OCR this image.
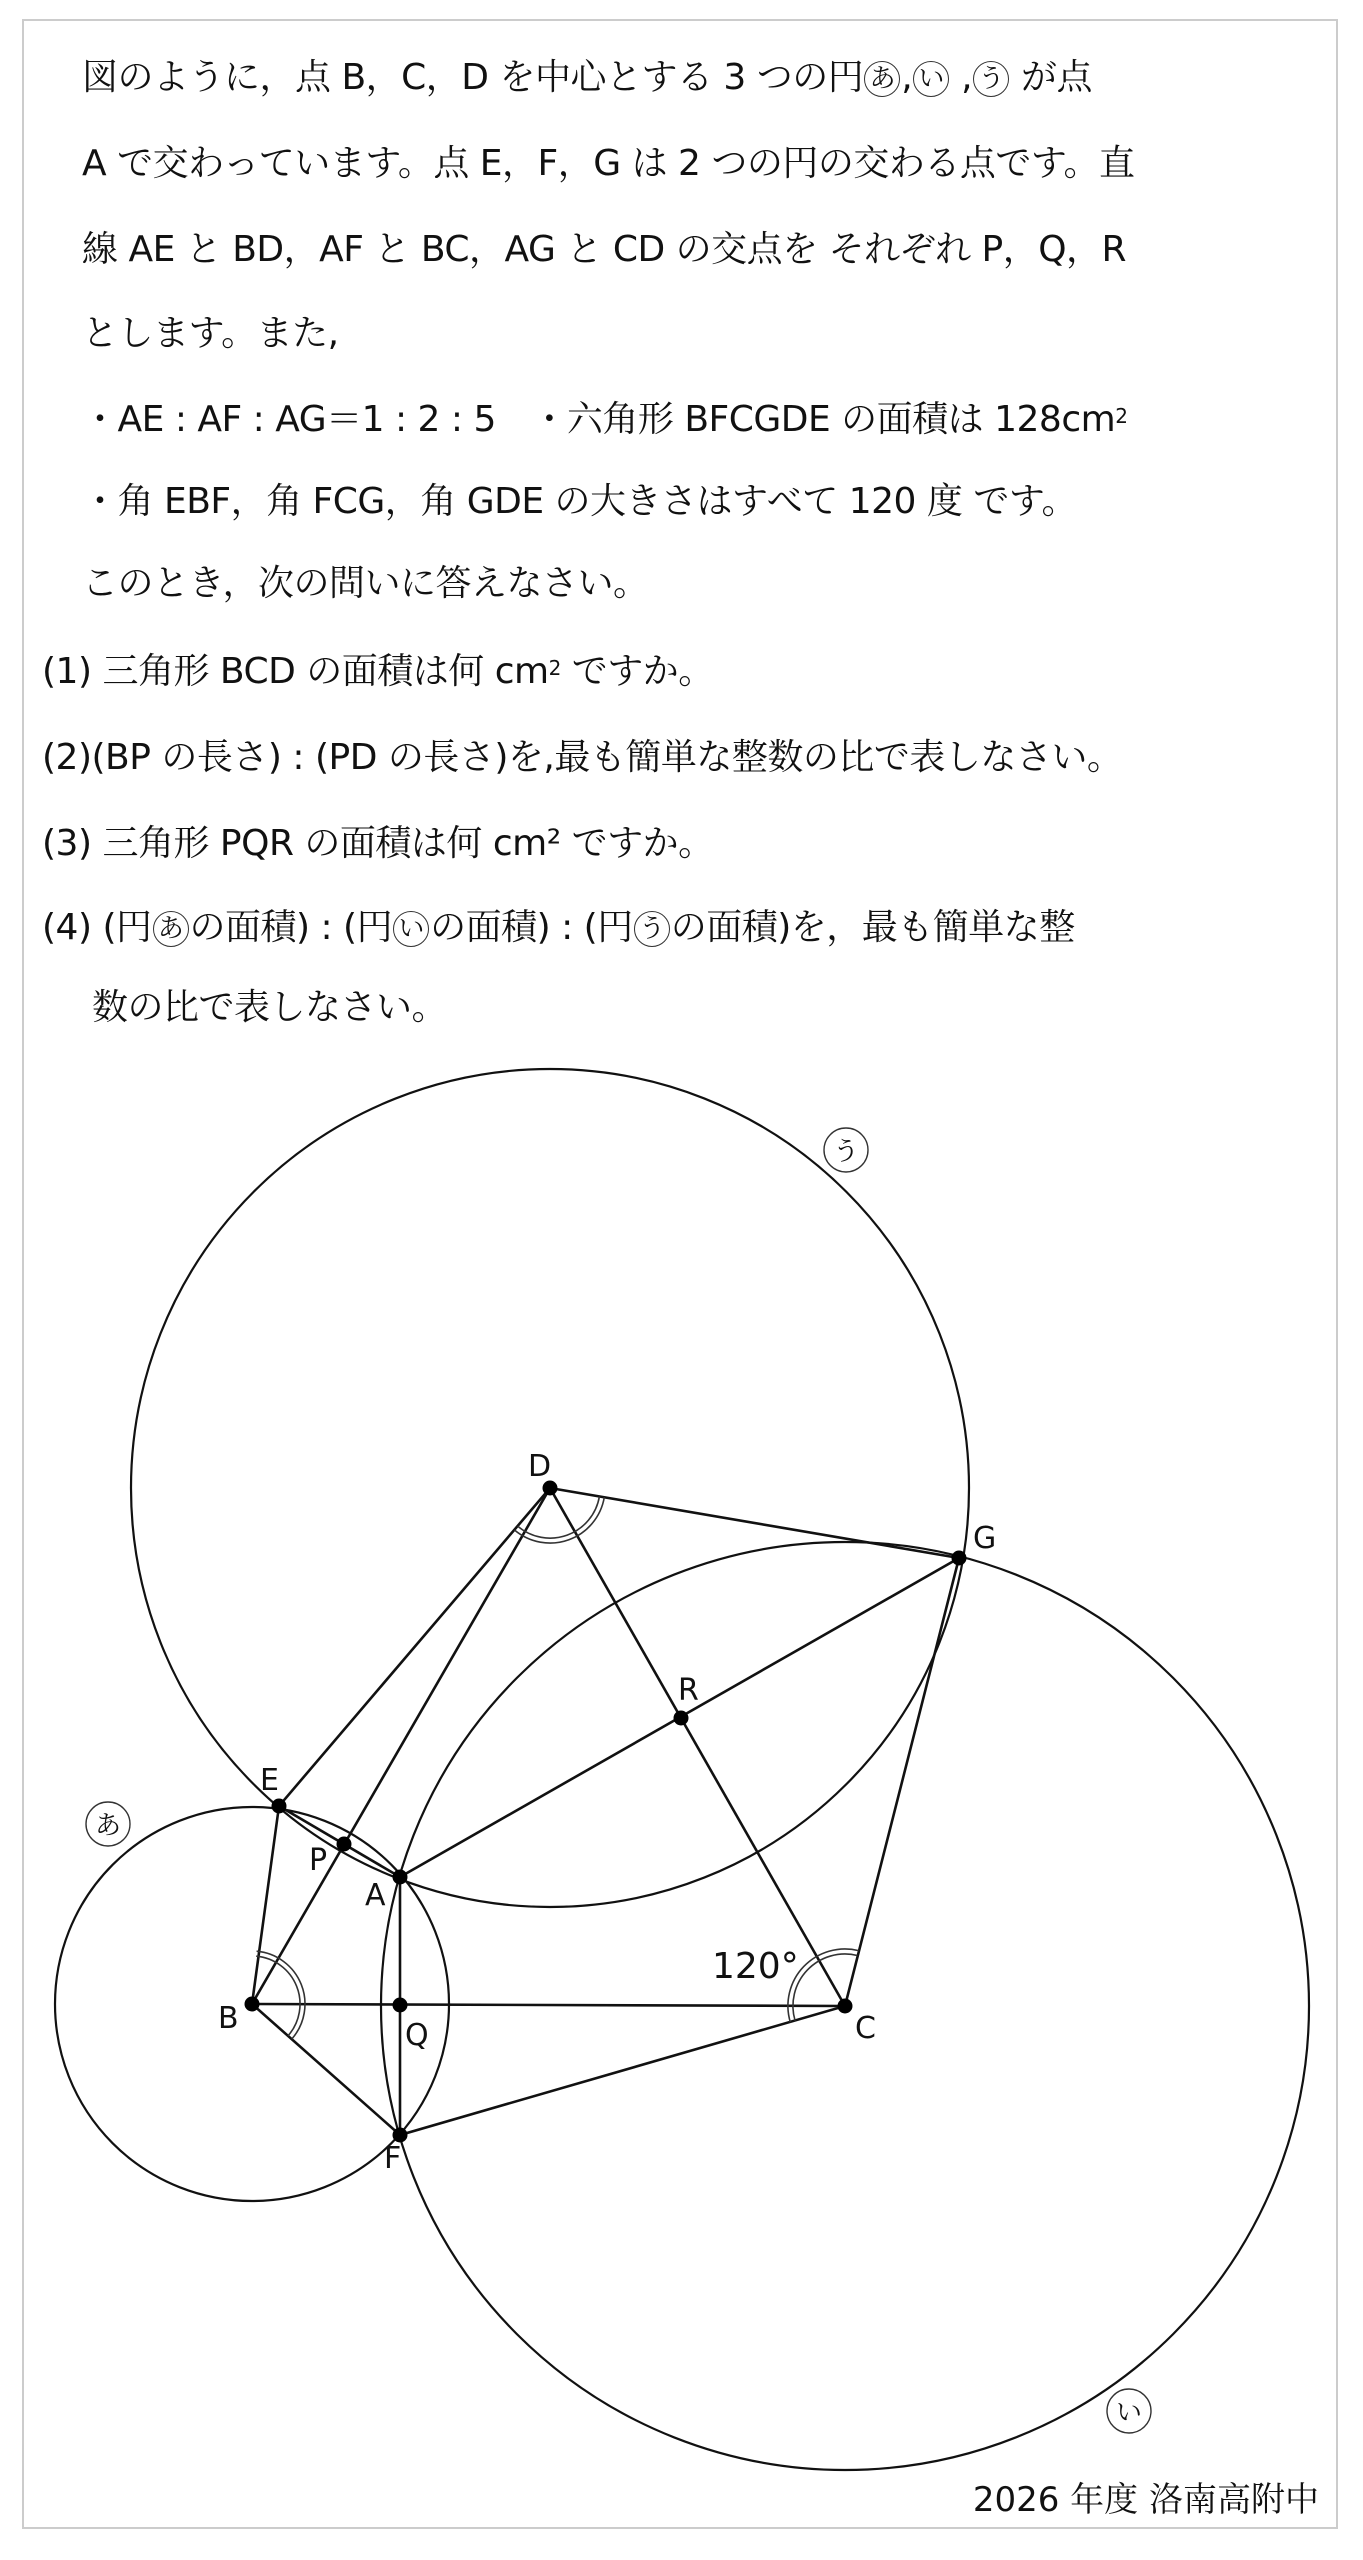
図のように，点 B，C，D を中心とする 3 つの円 あ , い , う が点
A で交わっています。点 E，F，G は 2 つの円の交わる点です。直
線 AE と BD，AF と BC，AG と CD の交点を それぞれ P，Q，R
とします。また,
・AE : AF : AG＝1 : 2 : 5　・六角形 BFCGDE の面積は $128cm^2$
・角 EBF，角 FCG，角 GDE の大きさはすべて 120 度 です。
このとき，次の問いに答えなさい。
(1) 三角形 BCD の面積は何 $cm^2$ ですか。
(2)(BP の長さ) : (PD の長さ)を,最も簡単な整数の比で表しなさい。
(3) 三角形 PQR の面積は何 cm² ですか。
(4) (円 あ の面積) : (円 い の面積) : (円 う の面積)を，最も簡単な整
数の比で表しなさい。
D
G
R
E
P
A
B	Q	C
F
120°
あ
う
い
2026 年度 洛南高附中
